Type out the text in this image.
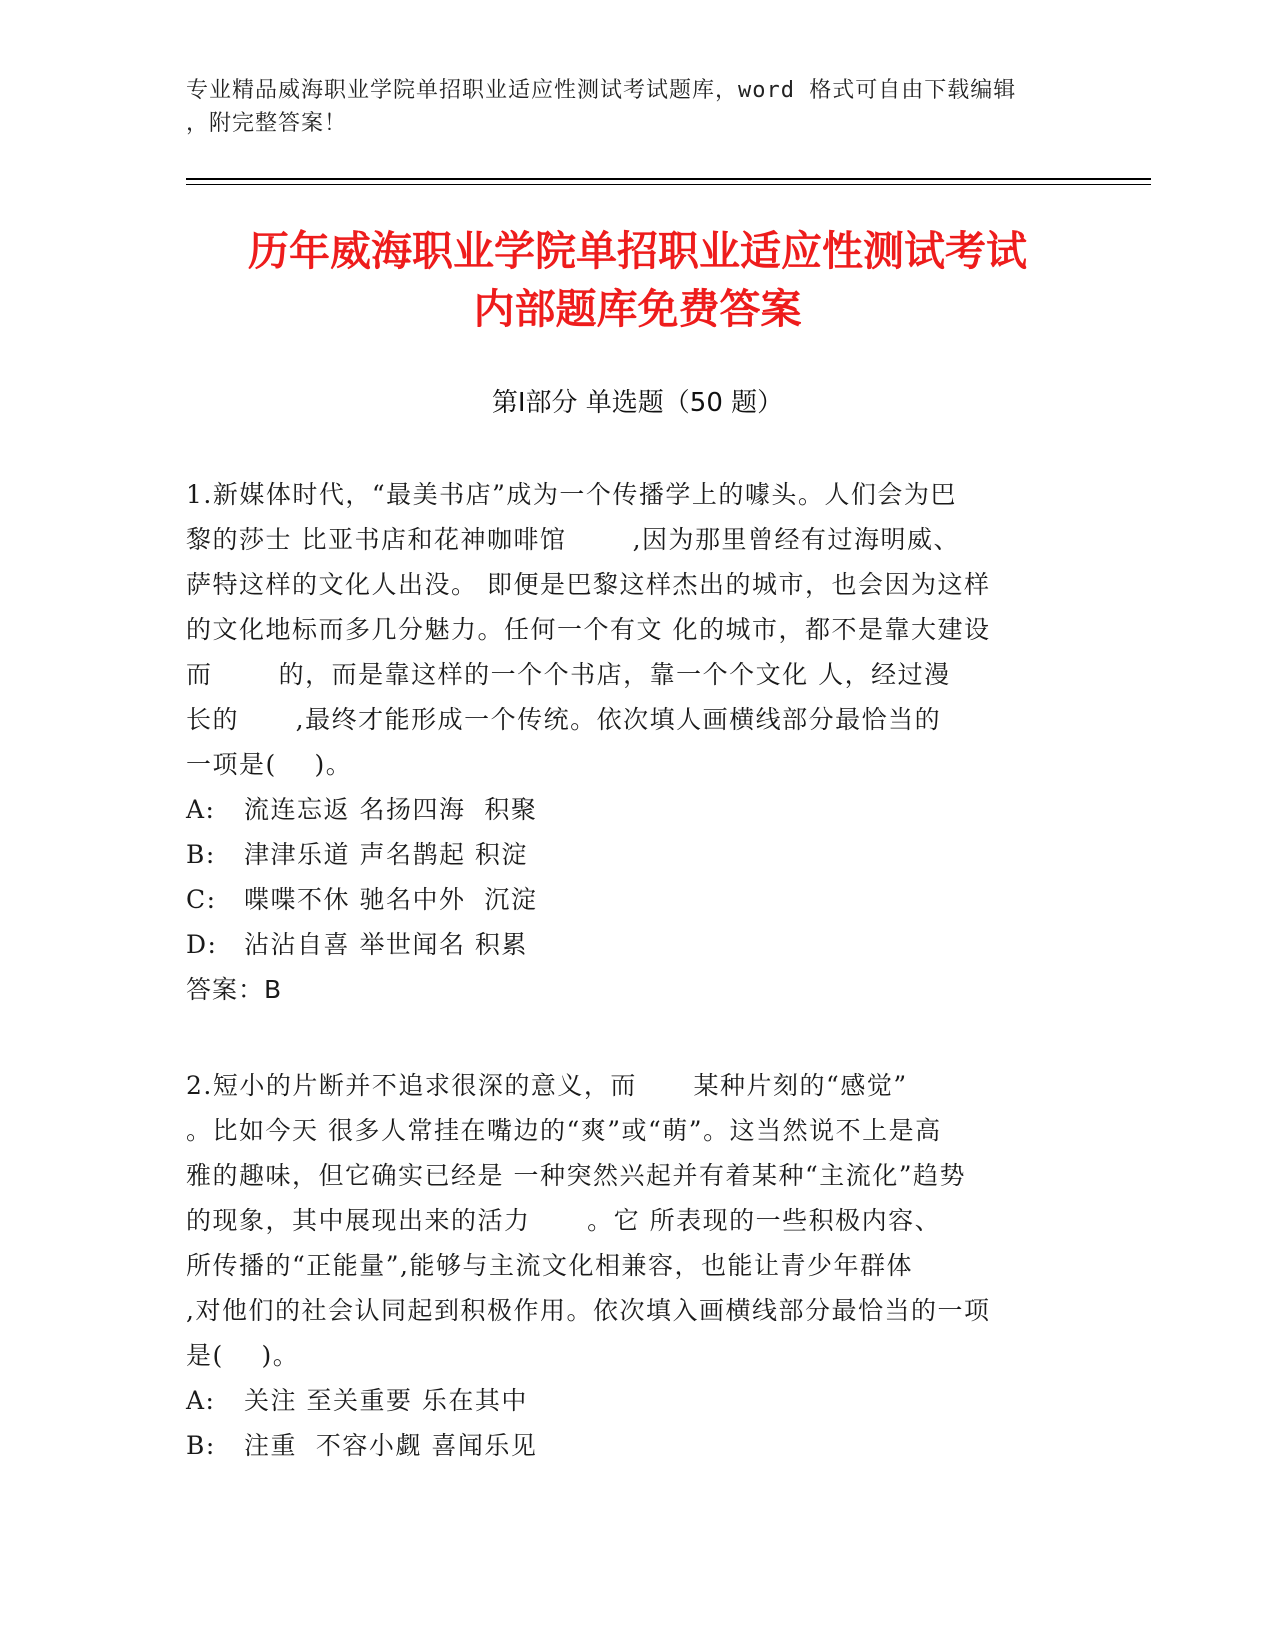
专业精品威海职业学院单招职业适应性测试考试题库，word 格式可自由下载编辑
，附完整答案！
历年威海职业学院单招职业适应性测试考试
内部题库免费答案
第Ⅰ部分 单选题（50 题）
1.新媒体时代，“最美书店”成为一个传播学上的噱头。人们会为巴
黎的莎士 比亚书店和花神咖啡馆       ,因为那里曾经有过海明威、
萨特这样的文化人出没。 即便是巴黎这样杰出的城市，也会因为这样
的文化地标而多几分魅力。任何一个有文 化的城市，都不是靠大建设
而       的，而是靠这样的一个个书店，靠一个个文化 人，经过漫
长的      ,最终才能形成一个传统。依次填人画横线部分最恰当的
一项是(    )。
A:	流连忘返 名扬四海  积聚
B:	津津乐道 声名鹊起 积淀
C:	喋喋不休 驰名中外  沉淀
D:	沾沾自喜 举世闻名 积累
答案：B
2.短小的片断并不追求很深的意义，而      某种片刻的“感觉”
。比如今天 很多人常挂在嘴边的“爽”或“萌”。这当然说不上是高
雅的趣味，但它确实已经是 一种突然兴起并有着某种“主流化”趋势
的现象，其中展现出来的活力      。它 所表现的一些积极内容、
所传播的“正能量”,能够与主流文化相兼容，也能让青少年群体
,对他们的社会认同起到积极作用。依次填入画横线部分最恰当的一项
是(    )。
A:	关注 至关重要 乐在其中
B:	注重  不容小觑 喜闻乐见
